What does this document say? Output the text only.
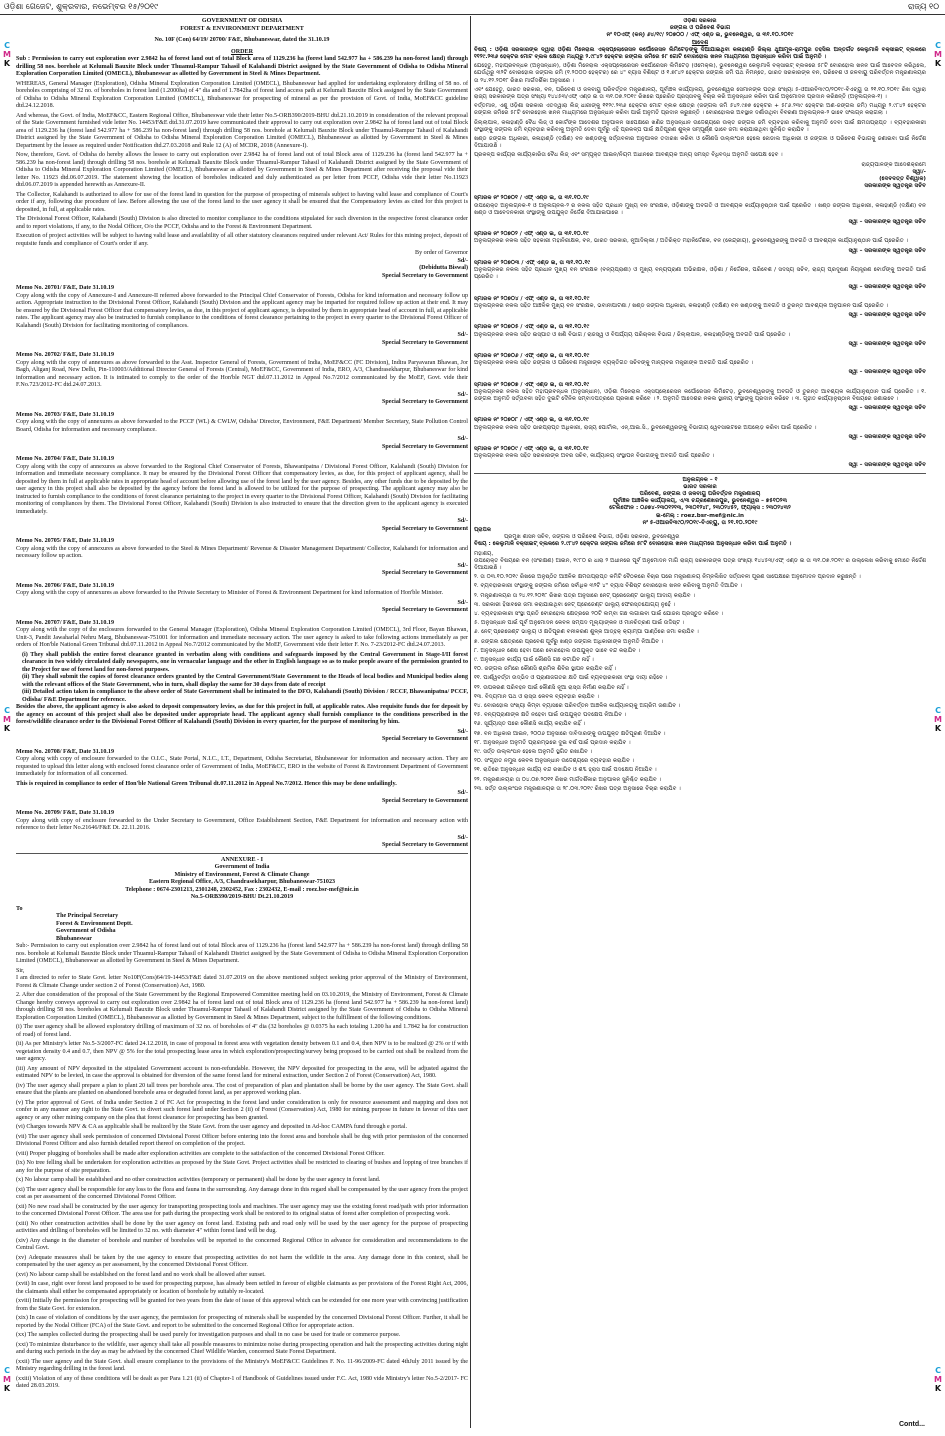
ଓଡ଼ିଶା ଗେଜେଟ, ଶୁକ୍ରବାର, ନଭେମ୍ବର ୧୫/୨୦୧୯	ରାଜ୍ୟ ୧୦
C
M
K
C
M
K
C
M
K
C
M
K
C
M
K
C
M
K
GOVERNMENT OF ODISHA
FOREST & ENVIRONMENT DEPARTMENT
No. 10F (Con) 64/19/ 20700/ F&E, Bhubaneswar, dated the 31.10.19
ORDER

Sub : Permission to carry out exploration over 2.9842 ha of forest land out of total Block area of 1129.236 ha (forest land 542.977 ha + 586.239 ha non-forest land) through drilling 58 nos. borehole at Kelumali Bauxite Block under Thuamul-Rampur Tahasil of Kalahandi District assigned by the State Government of Odisha to Odisha Mineral Exploration Corporation Limited (OMECL), Bhubaneswar as allotted by Government in Steel & Mines Department.

WHEREAS, General Manager (Exploration), Odisha Mineral Exploration Corporation Limited (OMECL), Bhubaneswar had applied for undertaking exploratory drilling of 58 no. of boreholes comprising of 32 no. of boreholes in forest land (1.2000ha) of 4" dia and of 1.7842ha of forest land access path at Kelumali Bauxite Block assigned by the State Government of Odisha to Odisha Mineral Exploration Corporation Limited (OMECL), Bhubaneswar for prospecting of mineral as per the provision of Govt. of India, MoEF&CC guideline dtd.24.12.2018.

And whereas, the Govt. of India, MoEF&CC, Eastern Regional Office, Bhubaneswar vide their letter No.5-ORB390/2019-BHU dtd.21.10.2019 in consideration of the relevant proposal of the State Government furnished vide letter No. 14453/F&E dtd.31.07.2019 have communicated their approval to carry out exploration over 2.9842 ha of forest land out of total Block area of 1129.236 ha (forest land 542.977 ha + 586.239 ha non-forest land) through drilling 58 nos. borehole at Kelumali Bauxite Block under Thuamul-Rampur Tahasil of Kalahandi District assigned by the State Government of Odisha to Odisha Mineral Exploration Corporation Limited (OMECL), Bhubaneswar as allotted by Government in Steel & Mines Department by the lessee as required under Notification dtd.27.03.2018 and Rule 12 (A) of MCDR, 2018 (Annexure-I).

Now, therefore, Govt. of Odisha do hereby allows the lessee to carry out exploration over 2.9842 ha of forest land out of total Block area of 1129.236 ha (forest land 542.977 ha + 586.239 ha non-forest land) through drilling 58 nos. borehole at Kelumali Bauxite Block under Thuamul-Rampur Tahasil of Kalahandi District assigned by the State Government of Odisha to Odisha Mineral Exploration Corporation Limited (OMECL), Bhubaneswar as allotted by Government in Steel & Mines Department after receiving the proposal vide their letter No. 11923 dtd.06.07.2019. The statement showing the location of boreholes indicated and duly authenticated as per letter from PCCF, Odisha vide their letter No.11923 dtd.06.07.2019 is appended herewith as Annexure-II.

The Collector, Kalahandi is authorized to allow for use of the forest land in question for the purpose of prospecting of minerals subject to having valid lease and compliance of Court's order if any, following due procedure of law. Before allowing the use of the forest land to the user agency it shall be ensured that the Compensatory levies as cited for this project is deposited, in full, at applicable rates.

The Divisional Forest Officer, Kalahandi (South) Division is also directed to monitor compliance to the conditions stipulated for such diversion in the respective forest clearance order and to report violations, if any, to the Nodal Officer, O/o the PCCF, Odisha and to the Forest & Environment Department.

Execution of project activities will be subject to having valid lease and availability of all other statutory clearances required under relevant Act/ Rules for this mining project, deposit of requisite funds and compliance of Court's order if any.

By order of Governor
Sd/-
(Debidutta Biswal)
Special Secretary to Government
Memo No. 20701/ F&E, Date 31.10.19

Copy along with the copy of Annexure-I and Annexure-II referred above forwarded to the Principal Chief Conservator of Forests, Odisha for kind information and necessary follow up action. Appropriate instruction to the Divisional Forest Officer, Kalahandi (South) Division and the applicant agency may be imparted for required follow up action at their end. It may be ensured by the Divisional Forest Officer that compensatory levies, as due, in this project of applicant agency, is deposited by them in appropriate head of account in full, at applicable rates. The applicant agency may also be instructed to furnish compliance to the conditions of forest clearance pertaining to the project in every quarter to the Divisional Forest Officer of Kalahandi (South) Division for facilitating monitoring of compliances.

Sd/-
Special Secretary to Government
Memo No. 20702/ F&E, Date 31.10.19

Copy along with the copy of annexures as above forwarded to the Asst. Inspector General of Forests, Government of India, MoEF&CC (FC Division), Indira Paryavaran Bhawan, Jor Bagh, Aliganj Road, New Delhi, Pin-110003/Additional Director General of Forests (Central), MoEF&CC, Government of India, ERO, A/3, Chandrasekharpur, Bhubaneswar for kind information and necessary action. It is intimated to comply to the order of the Hon'ble NGT dtd.07.11.2012 in Appeal No.7/2012 communicated by the MoEF, Govt. vide their F.No.723/2012-FC dtd.24.07.2013.

Sd/-
Special Secretary to Government
Memo No. 20703/ F&E, Date 31.10.19

Copy along with the copy of annexures as above forwarded to the PCCF (WL) & CWLW, Odisha/ Director, Environment, F&E Department/ Member Secretary, State Pollution Control Board, Odisha for information and necessary compliance.

Sd/-
Special Secretary to Government
Memo No. 20704/ F&E, Date 31.10.19

Copy along with the copy of annexures as above forwarded to the Regional Chief Conservator of Forests, Bhawanipatna / Divisional Forest Officer, Kalahandi (South) Division for information and immediate necessary compliance. It may be ensured by the Divisional Forest Officer that compensatory levies, as due, for this project of applicant agency, shall be deposited by them in full at applicable rates in appropriate head of account before allowing use of the forest land by the user agency. Besides, any other funds due to be deposited by the user agency in this project shall also be deposited by the agency before the forest land is allowed to be utilized for the purpose of prospecting. The applicant agency may also be instructed to furnish compliance to the conditions of forest clearance pertaining to the project in every quarter to the Divisional Forest Officer, Kalahandi (South) Division for facilitating monitoring of compliances by them. The Divisional Forest Officer, Kalahandi (South) Division is also instructed to ensure that the direction given to the applicant agency is executed immediately.

Sd/-
Special Secretary to Government
Memo No. 20705/ F&E, Date 31.10.19

Copy along with the copy of annexures as above forwarded to the Steel & Mines Department/ Revenue & Disaster Management Department/ Collector, Kalahandi for information and necessary follow up action.

Sd/-
Special Secretary to Government
Memo No. 20706/ F&E, Date 31.10.19

Copy along with the copy of annexures as above forwarded to the Private Secretary to Minister of Forest & Environment Department for kind information of Hon'ble Minister.

Sd/-
Special Secretary to Government
Memo No. 20707/ F&E, Date 31.10.19

Copy along with the copy of the enclosures forwarded to the General Manager (Exploration), Odisha Mineral Exploration Corporation Limited (OMECL), 3rd Floor, Bayan Bhawan, Unit-3, Pandit Jawaharlal Nehru Marg, Bhubaneswar-751001 for information and immediate necessary action. The user agency is asked to take following actions immediately as per orders of Hon'ble National Green Tribunal dtd.07.11.2012 in Appeal No.7/2012 communicated by the MoEF, Government vide their letter F. No. 7-23/2012-FC dtd.24.07.2013.

(i) They shall publish the entire forest clearance granted in verbatim along with conditions and safeguards imposed by the Central Government in Stage-I/II forest clearance in two widely circulated daily newspapers, one in vernacular language and the other in English language so as to make people aware of the permission granted to the Project for use of forest land for non-forest purposes.
(ii) They shall submit the copies of forest clearance orders granted by the Central Government/State Government to the Heads of local bodies and Municipal bodies along with the relevant offices of the State Government, who in turn, shall display the same for 30 days from date of receipt
(iii) Detailed action taken in compliance to the above order of State Government shall be intimated to the DFO, Kalahandi (South) Division / RCCF, Bhawanipatna/ PCCF, Odisha/ F&E Department for reference.

Besides the above, the applicant agency is also asked to deposit compensatory levies, as due for this project in full, at applicable rates. Also requisite funds due for deposit by the agency on account of this project shall also be deposited under appropriate head. The applicant agency shall furnish compliance to the conditions prescribed in the forest/wildlife clearance order to the Divisional Forest Officer of Kalahandi (South) Division in every quarter, for the purpose of monitoring by him.

Sd/-
Special Secretary to Government
Memo No. 20708/ F&E, Date 31.10.19

Copy along with copy of enclosure forwarded to the O.I.C., State Portal, N.I.C., I.T., Department, Odisha Secretariat, Bhubaneswar for information and necessary action. They are requested to upload this letter along with enclosed forest clearance order of Government of India, MoEF&CC, ERO in the website of Forest & Environment Department of Government immediately for information of all concerned.

This is required in compliance to order of Hon'ble National Green Tribunal dt.07.11.2012 in Appeal No.7/2012. Hence this may be done unfailingly.

Sd/-
Special Secretary to Government
Memo No. 20709/ F&E, Date 31.10.19

Copy along with copy of enclosure forwarded to the Under Secretary to Government, Office Establishment Section, F&E Department for information and necessary action with reference to their letter No.21646/F&E Dt. 22.11.2016.

Sd/-
Special Secretary to Government
ANNEXURE - I
Government of India
Ministry of Environment, Forest & Climate Change
Eastern Regional Office, A/3, Chandrasekharpur, Bhubaneswar-751023
Telephone : 0674-2301213, 2301248, 2302452, Fax : 2302432, E-mail : roez.bsr-mef@nic.in
No.5-ORB390/2019-BHU Dt.21.10.2019
To
The Principal Secretary
Forest & Environment Deptt.
Government of Odisha
Bhubaneswar

Sub:- Permission to carry out exploration over 2.9842 ha of forest land out of total Block area of 1129.236 ha (forest land 542.977 ha + 586.239 ha non-forest land) through drilling 58 nos. borehole at Kelumali Bauxite Block under Thuamul-Rampur Tahasil of Kalahandi District assigned by the State Government of Odisha to Odisha Mineral Exploration Corporation Limited (OMECL), Bhubaneswar as allotted by Government in Steel & Mines Department.

Sir,

I am directed to refer to State Govt. letter No10F(Cons)64/19-14453/F&E dated 31.07.2019 on the above mentioned subject seeking prior approval of the Ministry of Environment, Forest & Climate Change under section 2 of Forest (Conservation) Act, 1980.

2. After due consideration of the proposal of the State Government by the Regional Empowered Committee meeting held on 03.10.2019, the Ministry of Environment, Forest & Climate Change hereby conveys approval to carry out exploration over 2.9842 ha of forest land out of total Block area of 1129.236 ha (forest land 542.977 ha + 586.239 ha non-forest land) through drilling 58 nos. boreholes at Kelumali Bauxite Block under Thuamul-Rampur Tahasil of Kalahandi District assigned by the State Government of Odisha to Odisha Mineral Exploration Corporation Limited (OMECL), Bhubaneswar as allotted by Government in Steel & Mines Department, subject to the fulfillment of the following conditions.

(i) The user agency shall be allowed exploratory drilling of maximum of 32 no. of boreholes of 4" dia (32 boreholes @ 0.0375 ha each totaling 1.200 ha and 1.7842 ha for construction of road) of forest land.

(ii) As per Ministry's letter No.5-3/2007-FC dated 24.12.2018, in case of proposal in forest area with vegetation density between 0.1 and 0.4, then NPV is to be realized @ 2% or if with vegetation density 0.4 and 0.7, then NPV @ 5% for the total prospecting lease area in which exploration/prospecting/survey being proposed to be carried out shall be realized from the user agency.

(iii) Any amount of NPV deposited in the stipulated Government account is non-refundable. However, the NPV deposited for prospecting in the area, will be adjusted against the estimated NPV to be levied, in case the approval is obtained for diversion of the same forest land for mineral extraction, under Section 2 of Forest (Conservation) Act, 1980.

(iv) The user agency shall prepare a plan to plant 20 tall trees per borehole area. The cost of preparation of plan and plantation shall be borne by the user agency. The State Govt. shall ensure that the plants are planted on abandoned borehole area or degraded forest land, as per approved working plan.

(v) The prior approval of Govt. of India under Section 2 of FC Act for prospecting in the forest land under consideration is only for resource assessment and mapping and does not confer in any manner any right to the State Govt. to divert such forest land under Section 2 (ii) of Forest (Conservation) Act, 1980 for mining purpose in future in favour of this user agency or any other mining company on the plea that forest clearance for prospecting has been granted.

(vi) Charges towards NPV & CA as applicable shall be realized by the State Govt. from the user agency and deposited in Ad-hoc CAMPA fund through e portal.

(vii) The user agency shall seek permission of concerned Divisional Forest Officer before entering into the forest area and borehole shall be dug with prior permission of the concerned Divisional Forest Officer and also furnish detailed report thereof on completion of the project.

(viii) Proper plugging of boreholes shall be made after exploration activities are complete to the satisfaction of the concerned Divisional Forest Officer.

(ix) No tree felling shall be undertaken for exploration activities as proposed by the State Govt. Project activities shall be restricted to clearing of bushes and lopping of tree branches if any for the purpose of site preparation.

(x) No labour camp shall be established and no other construction activities (temporary or permanent) shall be done by the user agency in forest land.

(xi) The user agency shall be responsible for any loss to the flora and fauna in the surrounding. Any damage done in this regard shall be compensated by the user agency from the project cost as per assessment of the concerned Divisional Forest Officer.

(xii) No new road shall be constructed by the user agency for transporting prospecting tools and machines. The user agency may use the existing forest road/path with prior information to the concerned Divisional Forest Officer. The area use for path during the prospecting work shall be restored to its original status of forest after completion of prospecting work.

(xiii) No other construction activities shall be done by the user agency on forest land. Existing path and road only will be used by the user agency for the purpose of prospecting activities and drilling of boreholes will be limited to 32 no. with diameter 4" within forest land will be dug.

(xiv) Any change in the diameter of borehole and number of boreholes will be reported to the concerned Regional Office in advance for consideration and recommendations to the Central Govt.

(xv) Adequate measures shall be taken by the use agency to ensure that prospecting activities do not harm the wildlife in the area. Any damage done in this context, shall be compensated by the user agency as per assessment, by the concerned Divisional Forest Officer.

(xvi) No labour camp shall be established on the forest land and no work shall be allowed after sunset.

(xvii) In case, right over forest land proposed to be used for prospecting purpose, has already been settled in favour of eligible claimants as per provisions of the Forest Right Act, 2006, the claimants shall either be compensated appropriately or location of borehole by suitably re-located.

(xviii) Initially the permission for prospecting will be granted for two years from the date of issue of this approval which can be extended for one more year with convincing justification from the State Govt. for extension.

(xix) In case of violation of conditions by the user agency, the permission for prospecting of minerals shall be suspended by the concerned Divisional Forest Officer. Further, it shall be reported by the Nodal Officer (FCA) of the State Govt. and report to be submitted to the concerned Regional Office for appropriate action.

(xx) The samples collected during the prospecting shall be used purely for investigation purposes and shall in no case be used for trade or commerce purpose.

(xxi) To minimize disturbance to the wildlife, user agency shall take all possible measures to minimize noise during prospecting operation and halt the prospecting activities during night and during such periods in the day as may be advised by the concerned Chief Wildlife Warden, concerned State Forest Department.

(xxii) The user agency and the State Govt. shall ensure compliance to the provisions of the Ministry's MoEF&CC Guidelines F. No. 11-96/2009-FC dated 4thJuly 2011 issued by the Ministry regarding drilling in the forest land.

(xxiii) Violation of any of these conditions will be dealt as per Para 1.21 (ii) of Chapter-1 of Handbook of Guidelines issued under F.C. Act, 1980 vide Ministry's letter No.5-2/2017- FC dated 28.03.2019.

ଓଡ଼ିଶା ସରକାର
ଜଙ୍ଗଲ ଓ ପରିବେଶ ବିଭାଗ
ନଂ ୧୦ଏଫ୍ (କନ୍) ୬୪/୧୯/ ୨୦୭୦୦ / ଏଫ୍ ଏଣ୍ଡ ଇ, ଭୁବନେଶ୍ୱର, ତା ୩୧.୧୦.୨୦୧୯
ଆଦେଶ

ବିଷୟ : ଓଡ଼ିଶା ସରକାରଙ୍କ ଦ୍ୱାରା ଓଡ଼ିଶା ମିନେରାଲ ଏକ୍ସପ୍ଲୋରେସନ କର୍ପୋରେସନ ଲିମିଟେଡ଼ଙ୍କୁ ଦିଆଯାଇଥିବା କଳାହାଣ୍ଡି ଜିଲ୍ଲା ଥୁଆମୂଳ-ରାମପୁର ତହସିଲ ଅନ୍ତର୍ଗତ କେଲୁମାଳି ବକ୍ସାଇଟ୍ ବ୍ଲକରେ ୧୧୨୯.୨୩୬ ହେକ୍ଟର ମୋଟ ବ୍ଲକ କ୍ଷେତ୍ର ମଧ୍ୟରୁ ୨.୯୮୪୨ ହେକ୍ଟର ଜଙ୍ଗଲ ଜମିରେ ୫୮ ଗୋଟି ବୋରହୋଲ ଖନନ ମାଧ୍ୟମରେ ଅନୁସନ୍ଧାନ କରିବା ପାଇଁ ଅନୁମତି ।

ଯେହେତୁ, ମହାପ୍ରବନ୍ଧକ (ଅନୁସନ୍ଧାନ), ଓଡ଼ିଶା ମିନେରାଲ ଏକ୍ସପ୍ଲୋରେସନ କର୍ପୋରେସନ ଲିମିଟେଡ଼ (ଓମେକ୍‌ଲ), ଭୁବନେଶ୍ୱର କେଲୁମାଳି ବକ୍ସାଇଟ୍ ବ୍ଲକରେ ୫୮ଟି ବୋରହୋଲ ଖନନ ପାଇଁ ଆବେଦନ କରିଥିଲେ, ଯେଉଁଥିରୁ ୩୨ଟି ବୋରହୋଲ ଜଙ୍ଗଲ ଜମି (୧.୨୦୦୦ ହେକ୍ଟର) ରେ ୪" ବ୍ୟାସ ବିଶିଷ୍ଟ ଓ ୧.୭୮୪୨ ହେକ୍ଟର ଜଙ୍ଗଲ ଜମି ପଥ ନିମନ୍ତେ, ଭାରତ ସରକାରଙ୍କ ବନ, ପରିବେଶ ଓ ଜଳବାୟୁ ପରିବର୍ତ୍ତନ ମନ୍ତ୍ରଣାଳୟର ତା ୨୪.୧୨.୨୦୧୮ ରିଖର ମାର୍ଗଦର୍ଶିକା ଅନୁସାରେ ।

ଏବଂ ଯେହେତୁ, ଭାରତ ସରକାର, ବନ, ପରିବେଶ ଓ ଜଳବାୟୁ ପରିବର୍ତ୍ତନ ମନ୍ତ୍ରଣାଳୟ, ପୂର୍ବାଞ୍ଚଳ କାର୍ଯ୍ୟାଳୟ, ଭୁବନେଶ୍ୱର ସେମାନଙ୍କ ପତ୍ର ସଂଖ୍ୟା ୫-ଓଆରବି୩୯୦/୨୦୧୯-ବିଏଚ୍‌ୟୁ ତା ୨୧.୧୦.୨୦୧୯ ରିଖ ଦ୍ୱାରା ରାଜ୍ୟ ସରକାରଙ୍କ ପତ୍ର ସଂଖ୍ୟା ୧୪୪୫୩/ଏଫ୍ ଏଣ୍ଡ ଇ ତା ୩୧.୦୭.୨୦୧୯ ରିଖରେ ପ୍ରେରିତ ପ୍ରସ୍ତାବକୁ ବିଚାର କରି ଅନୁସନ୍ଧାନ କରିବା ପାଇଁ ଅନୁମୋଦନ ପ୍ରଦାନ କରିଛନ୍ତି (ଅନୁଲଗ୍ନକ-୧) ।

ବର୍ତ୍ତମାନ, ଏଣୁ ଓଡ଼ିଶା ସରକାର ଏତଦ୍ୱାରା ଲିଜ୍ ଧାରୀଙ୍କୁ ୧୧୨୯.୨୩୬ ହେକ୍ଟର ମୋଟ ବ୍ଲକ କ୍ଷେତ୍ର (ଜଙ୍ଗଲ ଜମି ୫୪୨.୯୭୭ ହେକ୍ଟର + ୫୮୬.୨୩୯ ହେକ୍ଟର ଅଣ-ଜଙ୍ଗଲ ଜମି) ମଧ୍ୟରୁ ୨.୯୮୪୨ ହେକ୍ଟର ଜଙ୍ଗଲ ଜମିରେ ୫୮ଟି ବୋରହୋଲ ଖନନ ମାଧ୍ୟମରେ ଅନୁସନ୍ଧାନ କରିବା ପାଇଁ ଅନୁମତି ପ୍ରଦାନ କରୁଛନ୍ତି । ବୋରହୋଲର ଅବସ୍ଥାନ ଦର୍ଶାଉଥିବା ବିବରଣୀ ଅନୁଲଗ୍ନକ-୨ ଭାବେ ସଂଲଗ୍ନ କରାଗଲା ।

ଜିଲ୍ଲାପାଳ, କଳାହାଣ୍ଡି ବୈଧ ଲିଜ୍ ଓ କୋର୍ଟଙ୍କ ଆଦେଶର ଅନୁପାଳନ ସାପେକ୍ଷରେ ଖଣିଜ ଅନୁସନ୍ଧାନ ଉଦ୍ଦେଶ୍ୟରେ ଉକ୍ତ ଜଙ୍ଗଲ ଜମି ବ୍ୟବହାର କରିବାକୁ ଅନୁମତି ଦେବା ପାଇଁ କ୍ଷମତାପ୍ରାପ୍ତ । ବ୍ୟବହାରକାରୀ ସଂସ୍ଥାଙ୍କୁ ଜଙ୍ଗଲ ଜମି ବ୍ୟବହାର କରିବାକୁ ଅନୁମତି ଦେବା ପୂର୍ବରୁ ଏହି ପ୍ରକଳ୍ପ ପାଇଁ କ୍ଷତିପୂରଣ ଶୁଳ୍କ ସମ୍ପୂର୍ଣ୍ଣ ଭାବେ ଜମା କରାଯାଇଥିବା ସୁନିଶ୍ଚିତ କରାଯିବ ।

ଖଣ୍ଡ ଜଙ୍ଗଲ ଅଧିକାରୀ, କଳାହାଣ୍ଡି (ଦକ୍ଷିଣ) ବନ ଖଣ୍ଡଙ୍କୁ ସର୍ତ୍ତାବଳୀର ଅନୁପାଳନ ତଦାରଖ କରିବା ଓ କୌଣସି ଉଲ୍ଲଂଘନ ହେଲେ ନୋଡାଲ ଅଧିକାରୀ ଓ ଜଙ୍ଗଲ ଓ ପରିବେଶ ବିଭାଗକୁ ଜଣାଇବା ପାଇଁ ନିର୍ଦ୍ଦେଶ ଦିଆଯାଉଛି ।

ପ୍ରକଳ୍ପ କାର୍ଯ୍ୟର କାର୍ଯ୍ୟକାରିତା ବୈଧ ଲିଜ୍ ଏବଂ ସମ୍ପୃକ୍ତ ଆଇନ/ନିୟମ ଅଧୀନରେ ଆବଶ୍ୟକ ଅନ୍ୟ ସମସ୍ତ ବିଧିବଦ୍ଧ ଅନୁମତି ସାପେକ୍ଷ ହେବ ।

ରାଜ୍ୟପାଳଙ୍କ ଆଦେଶକ୍ରମେ
ସ୍ୱା/-
(ଦେବଦତ୍ତ ବିଶ୍ୱାଳ)
ସରକାରଙ୍କ ସ୍ୱତନ୍ତ୍ର ସଚିବ
ସ୍ମାରକ ନଂ ୨୦୭୦୧ / ଏଫ୍ ଏଣ୍ଡ ଇ, ତା ୩୧.୧୦.୧୯

ଉପରୋକ୍ତ ଅନୁଲଗ୍ନକ-୧ ଓ ଅନୁଲଗ୍ନକ-୨ ର ନକଲ ସହିତ ପ୍ରଧାନ ମୁଖ୍ୟ ବନ ସଂରକ୍ଷକ, ଓଡ଼ିଶାଙ୍କୁ ଅବଗତି ଓ ଆବଶ୍ୟକ କାର୍ଯ୍ୟାନୁଷ୍ଠାନ ପାଇଁ ପ୍ରେରିତ । ଖଣ୍ଡ ଜଙ୍ଗଲ ଅଧିକାରୀ, କଳାହାଣ୍ଡି (ଦକ୍ଷିଣ) ବନ ଖଣ୍ଡ ଓ ଆବେଦନକାରୀ ସଂସ୍ଥାଙ୍କୁ ଉପଯୁକ୍ତ ନିର୍ଦ୍ଦେଶ ଦିଆଯାଇପାରେ ।

ସ୍ୱା – ସରକାରଙ୍କ ସ୍ୱତନ୍ତ୍ର ସଚିବ
ସ୍ମାରକ ନଂ ୨୦୭୦୨ / ଏଫ୍ ଏଣ୍ଡ ଇ, ତା ୩୧.୧୦.୧୯

ଅନୁଲଗ୍ନକର ନକଲ ସହିତ ସହକାରୀ ମହାନିରୀକ୍ଷକ, ବନ, ଭାରତ ସରକାର, ନୂଆଦିଲ୍ଲୀ / ଅତିରିକ୍ତ ମହାନିର୍ଦ୍ଦେଶକ, ବନ (କେନ୍ଦ୍ରୀୟ), ଭୁବନେଶ୍ୱରଙ୍କୁ ଅବଗତି ଓ ଆବଶ୍ୟକ କାର୍ଯ୍ୟାନୁଷ୍ଠାନ ପାଇଁ ପ୍ରେରିତ ।

ସ୍ୱା – ସରକାରଙ୍କ ସ୍ୱତନ୍ତ୍ର ସଚିବ
ସ୍ମାରକ ନଂ ୨୦୭୦୩ / ଏଫ୍ ଏଣ୍ଡ ଇ, ତା ୩୧.୧୦.୧୯

ଅନୁଲଗ୍ନକର ନକଲ ସହିତ ପ୍ରଧାନ ମୁଖ୍ୟ ବନ ସଂରକ୍ଷକ (ବନ୍ୟପ୍ରାଣୀ) ଓ ମୁଖ୍ୟ ବନ୍ୟପ୍ରାଣୀ ଅଭିରକ୍ଷକ, ଓଡ଼ିଶା / ନିର୍ଦ୍ଦେଶକ, ପରିବେଶ / ସଦସ୍ୟ ସଚିବ, ରାଜ୍ୟ ପ୍ରଦୂଷଣ ନିୟନ୍ତ୍ରଣ ବୋର୍ଡଙ୍କୁ ଅବଗତି ପାଇଁ ପ୍ରେରିତ ।

ସ୍ୱା – ସରକାରଙ୍କ ସ୍ୱତନ୍ତ୍ର ସଚିବ
ସ୍ମାରକ ନଂ ୨୦୭୦୪ / ଏଫ୍ ଏଣ୍ଡ ଇ, ତା ୩୧.୧୦.୧୯

ଅନୁଲଗ୍ନକର ନକଲ ସହିତ ଆଞ୍ଚଳିକ ମୁଖ୍ୟ ବନ ସଂରକ୍ଷକ, ଭବାନୀପାଟଣା / ଖଣ୍ଡ ଜଙ୍ଗଲ ଅଧିକାରୀ, କଳାହାଣ୍ଡି (ଦକ୍ଷିଣ) ବନ ଖଣ୍ଡଙ୍କୁ ଅବଗତି ଓ ତୁରନ୍ତ ଆବଶ୍ୟକ ଅନୁପାଳନ ପାଇଁ ପ୍ରେରିତ ।

ସ୍ୱା – ସରକାରଙ୍କ ସ୍ୱତନ୍ତ୍ର ସଚିବ
ସ୍ମାରକ ନଂ ୨୦୭୦୫ / ଏଫ୍ ଏଣ୍ଡ ଇ, ତା ୩୧.୧୦.୧୯

ଅନୁଲଗ୍ନକର ନକଲ ସହିତ ଇସ୍ପାତ ଓ ଖଣି ବିଭାଗ / ରାଜସ୍ୱ ଓ ବିପର୍ଯ୍ୟୟ ପରିଚାଳନା ବିଭାଗ / ଜିଲ୍ଲାପାଳ, କଳାହାଣ୍ଡିଙ୍କୁ ଅବଗତି ପାଇଁ ପ୍ରେରିତ ।

ସ୍ୱା – ସରକାରଙ୍କ ସ୍ୱତନ୍ତ୍ର ସଚିବ
ସ୍ମାରକ ନଂ ୨୦୭୦୬ / ଏଫ୍ ଏଣ୍ଡ ଇ, ତା ୩୧.୧୦.୧୯

ଅନୁଲଗ୍ନକର ନକଲ ସହିତ ଜଙ୍ଗଲ ଓ ପରିବେଶ ମନ୍ତ୍ରୀଙ୍କ ବ୍ୟକ୍ତିଗତ ସଚିବଙ୍କୁ ମାନ୍ୟବର ମନ୍ତ୍ରୀଙ୍କ ଅବଗତି ପାଇଁ ପ୍ରେରିତ ।

ସ୍ୱା – ସରକାରଙ୍କ ସ୍ୱତନ୍ତ୍ର ସଚିବ
ସ୍ମାରକ ନଂ ୨୦୭୦୭ / ଏଫ୍ ଏଣ୍ଡ ଇ, ତା ୩୧.୧୦.୧୯

ଅନୁଲଗ୍ନକର ନକଲ ସହିତ ମହାପ୍ରବନ୍ଧକ (ଅନୁସନ୍ଧାନ), ଓଡ଼ିଶା ମିନେରାଲ ଏକ୍ସପ୍ଲୋରେସନ କର୍ପୋରେସନ ଲିମିଟେଡ଼, ଭୁବନେଶ୍ୱରଙ୍କୁ ଅବଗତି ଓ ତୁରନ୍ତ ଆବଶ୍ୟକ କାର୍ଯ୍ୟାନୁଷ୍ଠାନ ପାଇଁ ପ୍ରେରିତ । ୧. ଜଙ୍ଗଲ ଅନୁମତି ସର୍ତ୍ତାବଳୀ ସହିତ ଦୁଇଟି ଦୈନିକ ସମ୍ବାଦପତ୍ରରେ ପ୍ରକାଶ କରିବେ । ୨. ଅନୁମତି ଆଦେଶର ନକଲ ସ୍ଥାନୀୟ ସଂସ୍ଥାଙ୍କୁ ପ୍ରଦାନ କରିବେ । ୩. ଗୃହୀତ କାର୍ଯ୍ୟାନୁଷ୍ଠାନ ବିଷୟରେ ଜଣାଇବେ ।

ସ୍ୱା – ସରକାରଙ୍କ ସ୍ୱତନ୍ତ୍ର ସଚିବ
ସ୍ମାରକ ନଂ ୨୦୭୦୮ / ଏଫ୍ ଏଣ୍ଡ ଇ, ତା ୩୧.୧୦.୧୯

ଅନୁଲଗ୍ନକର ନକଲ ସହିତ ଭାରପ୍ରାପ୍ତ ଅଧିକାରୀ, ରାଜ୍ୟ ପୋର୍ଟାଲ, ଏନ୍.ଆଇ.ସି., ଭୁବନେଶ୍ୱରଙ୍କୁ ବିଭାଗୀୟ ୱେବସାଇଟରେ ଅପଲୋଡ଼ କରିବା ପାଇଁ ପ୍ରେରିତ ।

ସ୍ୱା – ସରକାରଙ୍କ ସ୍ୱତନ୍ତ୍ର ସଚିବ
ସ୍ମାରକ ନଂ ୨୦୭୦୯ / ଏଫ୍ ଏଣ୍ଡ ଇ, ତା ୩୧.୧୦.୧୯

ଅନୁଲଗ୍ନକର ନକଲ ସହିତ ସରକାରଙ୍କ ଅବର ସଚିବ, କାର୍ଯ୍ୟାଳୟ ସଂସ୍ଥାପନ ବିଭାଗଙ୍କୁ ଅବଗତି ପାଇଁ ପ୍ରେରିତ ।

ସ୍ୱା – ସରକାରଙ୍କ ସ୍ୱତନ୍ତ୍ର ସଚିବ
ଅନୁଲଗ୍ନକ – ୧
ଭାରତ ସରକାର
ପରିବେଶ, ଜଙ୍ଗଲ ଓ ଜଳବାୟୁ ପରିବର୍ତ୍ତନ ମନ୍ତ୍ରଣାଳୟ
ପୂର୍ବାଞ୍ଚଳ ଆଞ୍ଚଳିକ କାର୍ଯ୍ୟାଳୟ, ଏ/୩ ଚନ୍ଦ୍ରଶେଖରପୁର, ଭୁବନେଶ୍ୱର – ୭୫୧୦୨୩
ଟେଲିଫୋନ : ୦୬୭୪-୨୩୦୧୨୧୩, ୨୩୦୧୨୪୮, ୨୩୦୨୪୫୨, ଫ୍ୟାକ୍ସ : ୨୩୦୨୪୩୨
ଇ-ମେଲ୍ : roez.bsr-mef@nic.in
ନଂ ୫-ଓଆରବି୩୯୦/୨୦୧୯-ବିଏଚ୍‌ୟୁ, ତା ୨୧.୧୦.୨୦୧୯
ପ୍ରାପକ
ପ୍ରମୁଖ ଶାସନ ସଚିବ, ଜଙ୍ଗଲ ଓ ପରିବେଶ ବିଭାଗ, ଓଡ଼ିଶା ସରକାର, ଭୁବନେଶ୍ୱର

ବିଷୟ : କେଲୁମାଳି ବକ୍ସାଇଟ୍ ବ୍ଲକରେ ୨.୯୮୪୨ ହେକ୍ଟର ଜଙ୍ଗଲ ଜମିରେ ୫୮ଟି ବୋରହୋଲ ଖନନ ମାଧ୍ୟମରେ ଅନୁସନ୍ଧାନ କରିବା ପାଇଁ ଅନୁମତି ।

ମହାଶୟ,

ଉପରୋକ୍ତ ବିଷୟରେ ବନ (ସଂରକ୍ଷଣ) ଆଇନ, ୧୯୮୦ ର ଧାରା ୨ ଅଧୀନରେ ପୂର୍ବ ଅନୁମୋଦନ ମାଗି ରାଜ୍ୟ ସରକାରଙ୍କ ପତ୍ର ସଂଖ୍ୟା ୧୪୪୫୩/ଏଫ୍ ଏଣ୍ଡ ଇ ତା ୩୧.୦୭.୨୦୧୯ ର ଉଲ୍ଲେଖ କରିବାକୁ ମୋତେ ନିର୍ଦ୍ଦେଶ ଦିଆଯାଇଛି ।

୨. ତା ୦୩.୧୦.୨୦୧୯ ରିଖରେ ଅନୁଷ୍ଠିତ ଆଞ୍ଚଳିକ କ୍ଷମତାପ୍ରାପ୍ତ କମିଟି ବୈଠକରେ ବିଚାର ପରେ ମନ୍ତ୍ରଣାଳୟ ନିମ୍ନଲିଖିତ ସର୍ତ୍ତାବଳୀ ପୂରଣ ସାପେକ୍ଷରେ ଅନୁମୋଦନ ପ୍ରଦାନ କରୁଛନ୍ତି ।

୧. ବ୍ୟବହାରକାରୀ ସଂସ୍ଥାଙ୍କୁ ଜଙ୍ଗଲ ଜମିରେ ସର୍ବାଧିକ ୩୨ଟି ୪" ବ୍ୟାସ ବିଶିଷ୍ଟ ବୋରହୋଲ ଖନନ କରିବାକୁ ଅନୁମତି ଦିଆଯିବ ।

୨. ମନ୍ତ୍ରଣାଳୟର ତା ୨୪.୧୨.୨୦୧୮ ରିଖର ପତ୍ର ଅନୁସାରେ ନେଟ୍ ପ୍ରେଜେଣ୍ଟ ଭାଲ୍ୟୁ ଆଦାୟ କରାଯିବ ।

୩. ସରକାରୀ ହିସାବରେ ଜମା କରାଯାଇଥିବା ନେଟ୍ ପ୍ରେଜେଣ୍ଟ ଭାଲ୍ୟୁ ଫେରସ୍ତଯୋଗ୍ୟ ନୁହେଁ ।

୪. ବ୍ୟବହାରକାରୀ ସଂସ୍ଥା ପ୍ରତି ବୋରହୋଲ କ୍ଷେତ୍ରରେ ୨୦ଟି ଲମ୍ବା ଗଛ ଲଗାଇବା ପାଇଁ ଯୋଜନା ପ୍ରସ୍ତୁତ କରିବେ ।

୫. ଅନୁସନ୍ଧାନ ପାଇଁ ପୂର୍ବ ଅନୁମୋଦନ କେବଳ ସମ୍ପଦ ମୂଲ୍ୟାଙ୍କନ ଓ ମାନଚିତ୍ରଣ ପାଇଁ ଉଦ୍ଦିଷ୍ଟ ।

୬. ନେଟ୍ ପ୍ରେଜେଣ୍ଟ ଭାଲ୍ୟୁ ଓ କ୍ଷତିପୂରଣ ବନୀକରଣ ଶୁଳ୍କ ଆଡ୍‌ହକ୍ କ୍ୟାମ୍ପା ପାଣ୍ଠିରେ ଜମା କରାଯିବ ।

୭. ଜଙ୍ଗଲ କ୍ଷେତ୍ରରେ ପ୍ରବେଶ ପୂର୍ବରୁ ଖଣ୍ଡ ଜଙ୍ଗଲ ଅଧିକାରୀଙ୍କ ଅନୁମତି ନିଆଯିବ ।

୮. ଅନୁସନ୍ଧାନ ଶେଷ ହେବା ପରେ ବୋରହୋଲ ଉପଯୁକ୍ତ ଭାବେ ବନ୍ଦ କରାଯିବ ।

୯. ଅନୁସନ୍ଧାନ କାର୍ଯ୍ୟ ପାଇଁ କୌଣସି ଗଛ କଟାଯିବ ନାହିଁ ।

୧୦. ଜଙ୍ଗଲ ଜମିରେ କୌଣସି ଶ୍ରମିକ ଶିବିର ସ୍ଥାପନ କରାଯିବ ନାହିଁ ।

୧୧. ପାର୍ଶ୍ୱବର୍ତ୍ତୀ ଉଦ୍ଭିଦ ଓ ପ୍ରାଣୀଜଗତର କ୍ଷତି ପାଇଁ ବ୍ୟବହାରକାରୀ ସଂସ୍ଥା ଦାୟୀ ରହିବେ ।

୧୨. ଉପକରଣ ପରିବହନ ପାଇଁ କୌଣସି ନୂଆ ରାସ୍ତା ନିର୍ମାଣ କରାଯିବ ନାହିଁ ।

୧୩. ବିଦ୍ୟମାନ ପଥ ଓ ରାସ୍ତା କେବଳ ବ୍ୟବହାର କରାଯିବ ।

୧୪. ବୋରହୋଲ ସଂଖ୍ୟା କିମ୍ବା ବ୍ୟାସରେ ପରିବର୍ତ୍ତନ ଆଞ୍ଚଳିକ କାର୍ଯ୍ୟାଳୟକୁ ଅଗ୍ରିମ ଜଣାଯିବ ।

୧୫. ବନ୍ୟପ୍ରାଣୀଙ୍କ କ୍ଷତି ନହେବା ପାଇଁ ଉପଯୁକ୍ତ ପଦକ୍ଷେପ ନିଆଯିବ ।

୧୬. ସୂର୍ଯ୍ୟାସ୍ତ ପରେ କୌଣସି କାର୍ଯ୍ୟ କରାଯିବ ନାହିଁ ।

୧୭. ବନ ଅଧିକାର ଆଇନ, ୨୦୦୬ ଅନୁସାରେ ଦାବିଦାରଙ୍କୁ ଉପଯୁକ୍ତ କ୍ଷତିପୂରଣ ଦିଆଯିବ ।

୧୮. ଅନୁସନ୍ଧାନ ଅନୁମତି ପ୍ରାରମ୍ଭରେ ଦୁଇ ବର୍ଷ ପାଇଁ ପ୍ରଦାନ କରାଯିବ ।

୧୯. ସର୍ତ୍ତ ଉଲ୍ଲଂଘନ ହେଲେ ଅନୁମତି ସ୍ଥଗିତ ରଖାଯିବ ।

୨୦. ସଂଗୃହୀତ ନମୁନା କେବଳ ଅନୁସନ୍ଧାନ ଉଦ୍ଦେଶ୍ୟରେ ବ୍ୟବହାର କରାଯିବ ।

୨୧. ରାତିରେ ଅନୁସନ୍ଧାନ କାର୍ଯ୍ୟ ବନ୍ଦ ରଖାଯିବ ଓ ଶବ୍ଦ ହ୍ରାସ ପାଇଁ ପଦକ୍ଷେପ ନିଆଯିବ ।

୨୨. ମନ୍ତ୍ରଣାଳୟର ତା ୦୪.୦୭.୨୦୧୧ ରିଖର ମାର୍ଗଦର୍ଶିକାର ଅନୁପାଳନ ସୁନିଶ୍ଚିତ କରାଯିବ ।

୨୩. ସର୍ତ୍ତ ଉଲ୍ଲଂଘନ ମନ୍ତ୍ରଣାଳୟର ତା ୨୮.୦୩.୨୦୧୯ ରିଖର ପତ୍ର ଅନୁସାରେ ବିଚାର କରାଯିବ ।

Contd...
